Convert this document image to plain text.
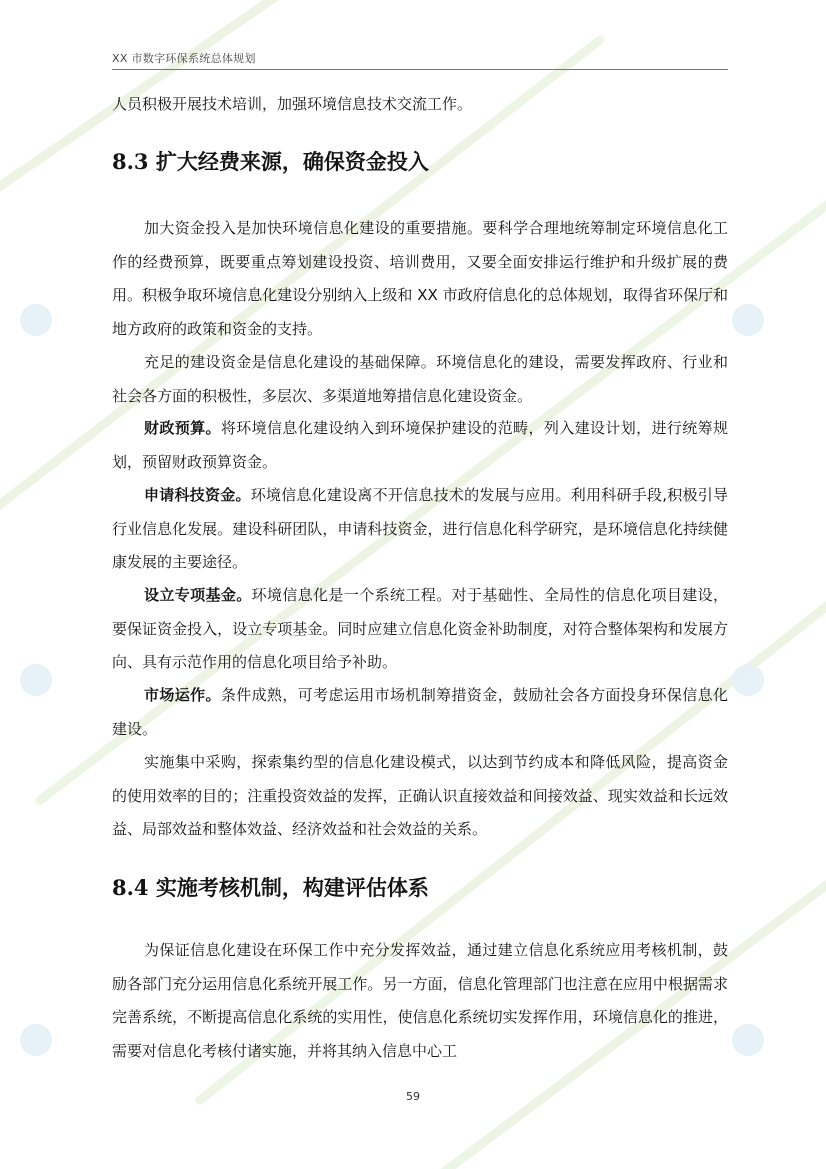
XX 市数字环保系统总体规划

人员积极开展技术培训，加强环境信息技术交流工作。

8.3 扩大经费来源，确保资金投入

加大资金投入是加快环境信息化建设的重要措施。要科学合理地统筹制定环境信息化工作的经费预算，既要重点筹划建设投资、培训费用，又要全面安排运行维护和升级扩展的费用。积极争取环境信息化建设分别纳入上级和 XX 市政府信息化的总体规划，取得省环保厅和地方政府的政策和资金的支持。

充足的建设资金是信息化建设的基础保障。环境信息化的建设，需要发挥政府、行业和社会各方面的积极性，多层次、多渠道地筹措信息化建设资金。

财政预算。将环境信息化建设纳入到环境保护建设的范畴，列入建设计划，进行统筹规划，预留财政预算资金。

申请科技资金。环境信息化建设离不开信息技术的发展与应用。利用科研手段,积极引导行业信息化发展。建设科研团队，申请科技资金，进行信息化科学研究，是环境信息化持续健康发展的主要途径。

设立专项基金。环境信息化是一个系统工程。对于基础性、全局性的信息化项目建设，要保证资金投入，设立专项基金。同时应建立信息化资金补助制度，对符合整体架构和发展方向、具有示范作用的信息化项目给予补助。

市场运作。条件成熟，可考虑运用市场机制筹措资金，鼓励社会各方面投身环保信息化建设。

实施集中采购，探索集约型的信息化建设模式，以达到节约成本和降低风险，提高资金的使用效率的目的；注重投资效益的发挥，正确认识直接效益和间接效益、现实效益和长远效益、局部效益和整体效益、经济效益和社会效益的关系。

8.4 实施考核机制，构建评估体系

为保证信息化建设在环保工作中充分发挥效益，通过建立信息化系统应用考核机制，鼓励各部门充分运用信息化系统开展工作。另一方面，信息化管理部门也注意在应用中根据需求完善系统，不断提高信息化系统的实用性，使信息化系统切实发挥作用，环境信息化的推进，需要对信息化考核付诸实施，并将其纳入信息中心工

59
